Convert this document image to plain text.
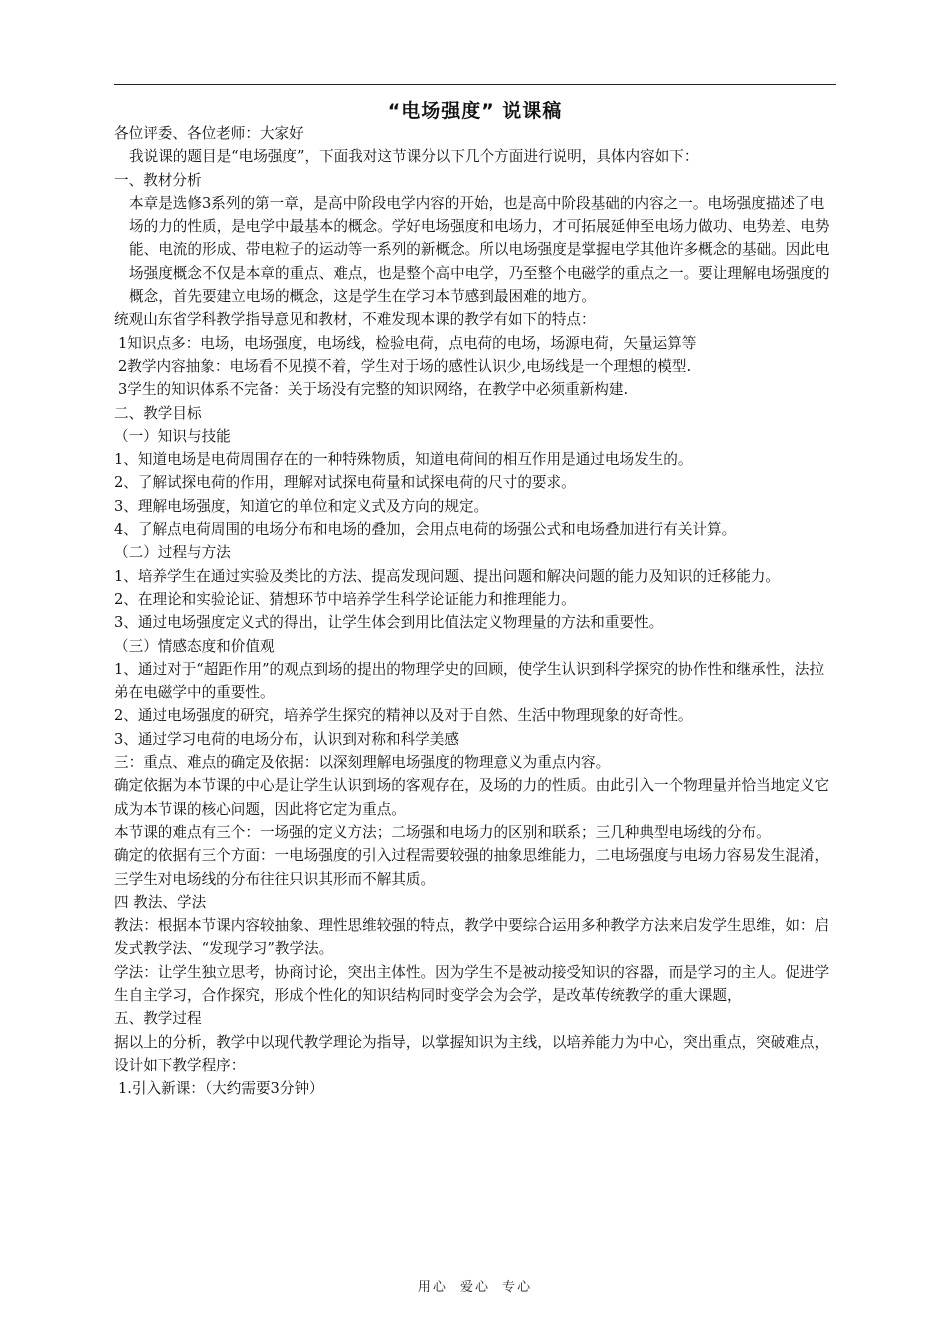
“电场强度” 说课稿

各位评委、各位老师：大家好

我说课的题目是“电场强度”，下面我对这节课分以下几个方面进行说明，具体内容如下：

一、教材分析

本章是选修3系列的第一章，是高中阶段电学内容的开始，也是高中阶段基础的内容之一。电场强度描述了电场的力的性质，是电学中最基本的概念。学好电场强度和电场力，才可拓展延伸至电场力做功、电势差、电势能、电流的形成、带电粒子的运动等一系列的新概念。所以电场强度是掌握电学其他许多概念的基础。因此电场强度概念不仅是本章的重点、难点，也是整个高中电学，乃至整个电磁学的重点之一。要让理解电场强度的概念，首先要建立电场的概念，这是学生在学习本节感到最困难的地方。

统观山东省学科教学指导意见和教材，不难发现本课的教学有如下的特点：

1知识点多：电场，电场强度，电场线，检验电荷，点电荷的电场，场源电荷，矢量运算等

2教学内容抽象：电场看不见摸不着，学生对于场的感性认识少,电场线是一个理想的模型.

3学生的知识体系不完备：关于场没有完整的知识网络，在教学中必须重新构建.

二、教学目标

（一）知识与技能

1、知道电场是电荷周围存在的一种特殊物质，知道电荷间的相互作用是通过电场发生的。

2、了解试探电荷的作用，理解对试探电荷量和试探电荷的尺寸的要求。

3、理解电场强度，知道它的单位和定义式及方向的规定。

4、了解点电荷周围的电场分布和电场的叠加，会用点电荷的场强公式和电场叠加进行有关计算。

（二）过程与方法

1、培养学生在通过实验及类比的方法、提高发现问题、提出问题和解决问题的能力及知识的迁移能力。

2、在理论和实验论证、猜想环节中培养学生科学论证能力和推理能力。

3、通过电场强度定义式的得出，让学生体会到用比值法定义物理量的方法和重要性。

（三）情感态度和价值观

1、通过对于“超距作用”的观点到场的提出的物理学史的回顾，使学生认识到科学探究的协作性和继承性，法拉弟在电磁学中的重要性。

2、通过电场强度的研究，培养学生探究的精神以及对于自然、生活中物理现象的好奇性。

3、通过学习电荷的电场分布，认识到对称和科学美感

三：重点、难点的确定及依据：以深刻理解电场强度的物理意义为重点内容。

确定依据为本节课的中心是让学生认识到场的客观存在，及场的力的性质。由此引入一个物理量并恰当地定义它成为本节课的核心问题，因此将它定为重点。

本节课的难点有三个：一场强的定义方法；二场强和电场力的区别和联系；三几种典型电场线的分布。

确定的依据有三个方面：一电场强度的引入过程需要较强的抽象思维能力，二电场强度与电场力容易发生混淆，三学生对电场线的分布往往只识其形而不解其质。

四 教法、学法

教法：根据本节课内容较抽象、理性思维较强的特点，教学中要综合运用多种教学方法来启发学生思维，如：启发式教学法、“发现学习”教学法。

学法：让学生独立思考，协商讨论，突出主体性。因为学生不是被动接受知识的容器，而是学习的主人。促进学生自主学习，合作探究，形成个性化的知识结构同时变学会为会学，是改革传统教学的重大课题，

五、教学过程

据以上的分析，教学中以现代教学理论为指导，以掌握知识为主线，以培养能力为中心，突出重点，突破难点，设计如下教学程序：

1.引入新课：（大约需要3分钟）

用心 爱心 专心
